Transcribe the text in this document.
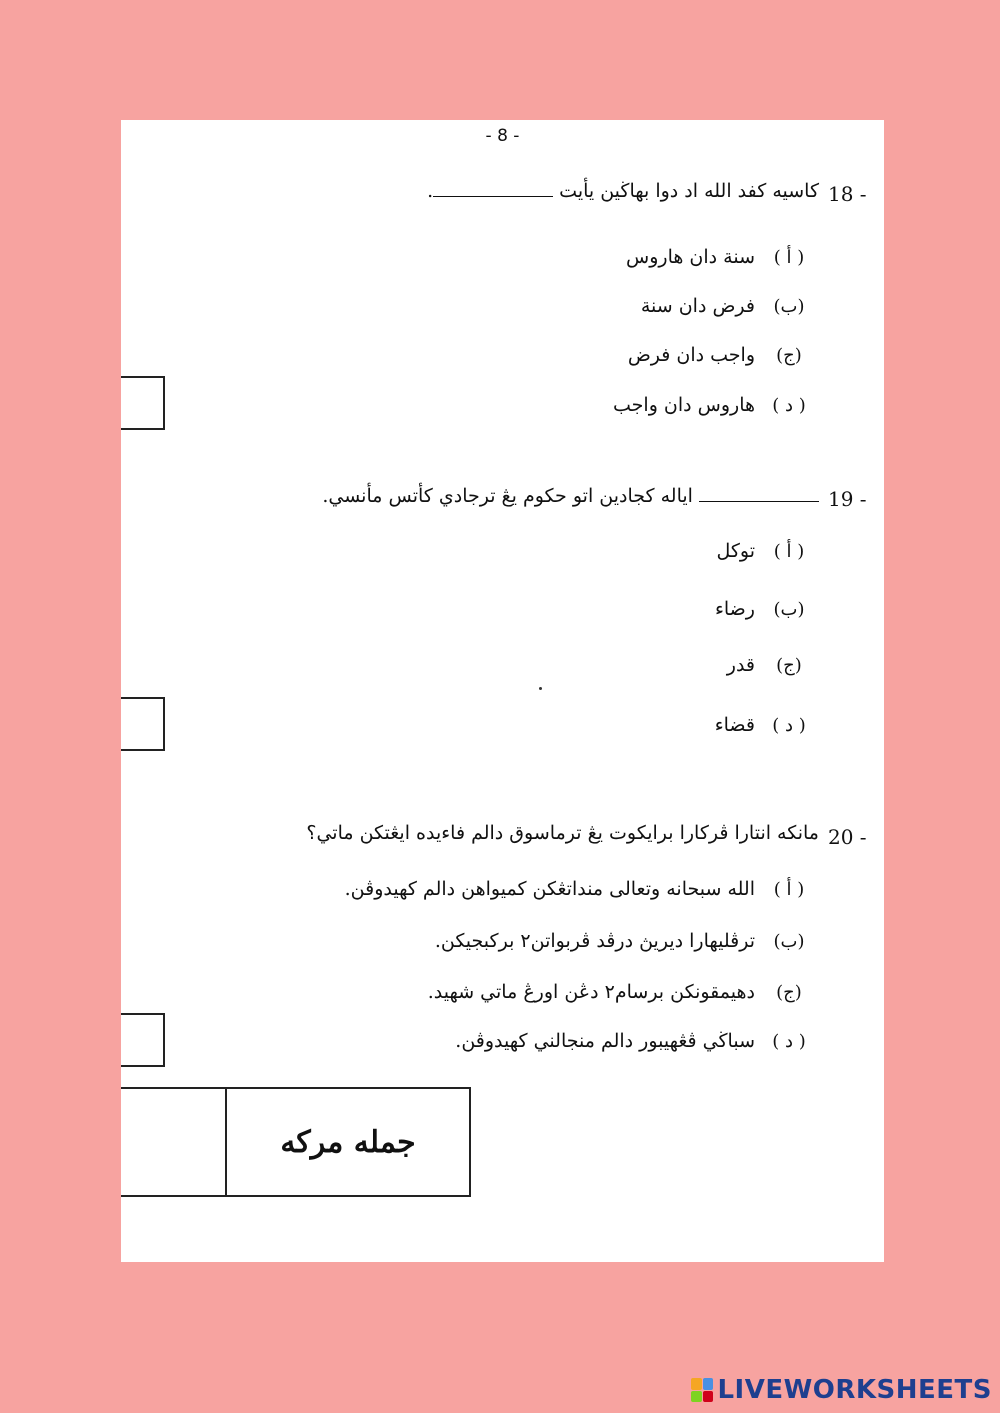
- 8 -
18 -
كاسيه كفد الله اد دوا بهاڬين يأيت .
( أ )
سنة دان هاروس
(ب)
فرض دان سنة
(ج)
واجب دان فرض
( د )
هاروس دان واجب
19 -
اياله كجادين اتو حكوم يڠ ترجادي كأتس مأنسي.
( أ )
توكل
(ب)
رضاء
(ج)
قدر
( د )
قضاء
20 -
مانكه انتارا ڤركارا برايكوت يڠ ترماسوق دالم فاءيده ايڠتكن ماتي؟
( أ )
الله سبحانه وتعالى منداتڠكن كميواهن دالم كهيدوڤن.
(ب)
ترڤليهارا ديريڽ درڤد ڤربواتن٢ بركبجيكن.
(ج)
دهيمقونكن برسام٢ دڠن اورڠ ماتي شهيد.
( د )
سباڬي ڤڠهيبور دالم منجالني كهيدوڤن.
جمله مركه
LIVEWORKSHEETS
